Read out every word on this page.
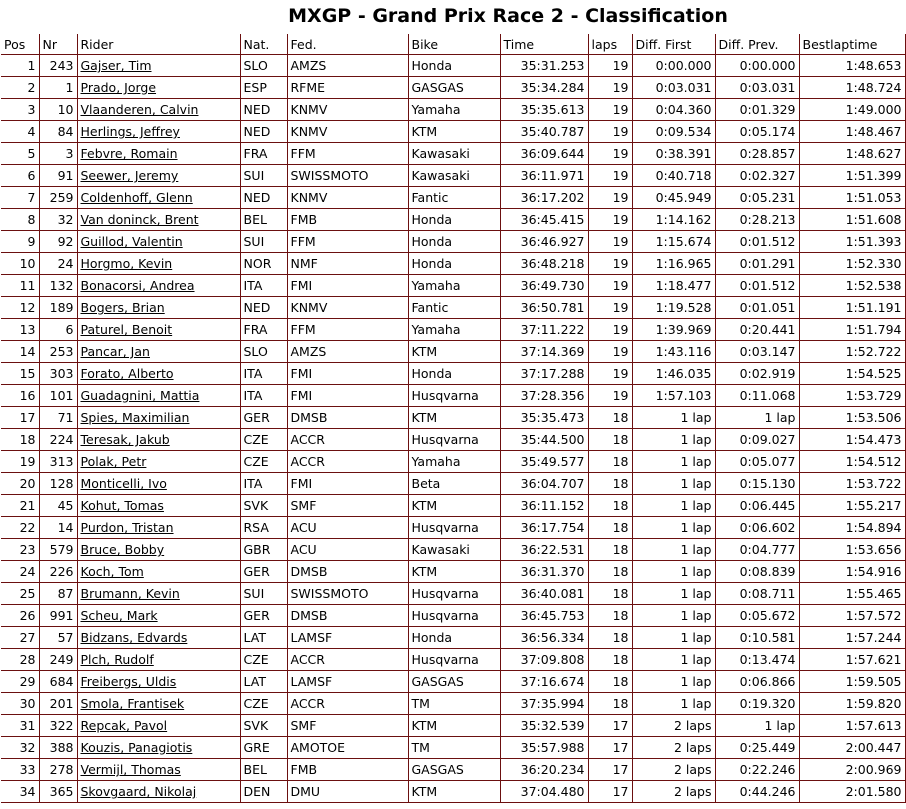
MXGP - Grand Prix Race 2 - Classification
Pos	Nr	Rider	Nat.	Fed.	Bike	Time	laps	Diff. First	Diff. Prev.	Bestlaptime
1	243	Gajser, Tim	SLO	AMZS	Honda	35:31.253	19	0:00.000	0:00.000	1:48.653
2	1	Prado, Jorge	ESP	RFME	GASGAS	35:34.284	19	0:03.031	0:03.031	1:48.724
3	10	Vlaanderen, Calvin	NED	KNMV	Yamaha	35:35.613	19	0:04.360	0:01.329	1:49.000
4	84	Herlings, Jeffrey	NED	KNMV	KTM	35:40.787	19	0:09.534	0:05.174	1:48.467
5	3	Febvre, Romain	FRA	FFM	Kawasaki	36:09.644	19	0:38.391	0:28.857	1:48.627
6	91	Seewer, Jeremy	SUI	SWISSMOTO	Kawasaki	36:11.971	19	0:40.718	0:02.327	1:51.399
7	259	Coldenhoff, Glenn	NED	KNMV	Fantic	36:17.202	19	0:45.949	0:05.231	1:51.053
8	32	Van doninck, Brent	BEL	FMB	Honda	36:45.415	19	1:14.162	0:28.213	1:51.608
9	92	Guillod, Valentin	SUI	FFM	Honda	36:46.927	19	1:15.674	0:01.512	1:51.393
10	24	Horgmo, Kevin	NOR	NMF	Honda	36:48.218	19	1:16.965	0:01.291	1:52.330
11	132	Bonacorsi, Andrea	ITA	FMI	Yamaha	36:49.730	19	1:18.477	0:01.512	1:52.538
12	189	Bogers, Brian	NED	KNMV	Fantic	36:50.781	19	1:19.528	0:01.051	1:51.191
13	6	Paturel, Benoit	FRA	FFM	Yamaha	37:11.222	19	1:39.969	0:20.441	1:51.794
14	253	Pancar, Jan	SLO	AMZS	KTM	37:14.369	19	1:43.116	0:03.147	1:52.722
15	303	Forato, Alberto	ITA	FMI	Honda	37:17.288	19	1:46.035	0:02.919	1:54.525
16	101	Guadagnini, Mattia	ITA	FMI	Husqvarna	37:28.356	19	1:57.103	0:11.068	1:53.729
17	71	Spies, Maximilian	GER	DMSB	KTM	35:35.473	18	1 lap	1 lap	1:53.506
18	224	Teresak, Jakub	CZE	ACCR	Husqvarna	35:44.500	18	1 lap	0:09.027	1:54.473
19	313	Polak, Petr	CZE	ACCR	Yamaha	35:49.577	18	1 lap	0:05.077	1:54.512
20	128	Monticelli, Ivo	ITA	FMI	Beta	36:04.707	18	1 lap	0:15.130	1:53.722
21	45	Kohut, Tomas	SVK	SMF	KTM	36:11.152	18	1 lap	0:06.445	1:55.217
22	14	Purdon, Tristan	RSA	ACU	Husqvarna	36:17.754	18	1 lap	0:06.602	1:54.894
23	579	Bruce, Bobby	GBR	ACU	Kawasaki	36:22.531	18	1 lap	0:04.777	1:53.656
24	226	Koch, Tom	GER	DMSB	KTM	36:31.370	18	1 lap	0:08.839	1:54.916
25	87	Brumann, Kevin	SUI	SWISSMOTO	Husqvarna	36:40.081	18	1 lap	0:08.711	1:55.465
26	991	Scheu, Mark	GER	DMSB	Husqvarna	36:45.753	18	1 lap	0:05.672	1:57.572
27	57	Bidzans, Edvards	LAT	LAMSF	Honda	36:56.334	18	1 lap	0:10.581	1:57.244
28	249	Plch, Rudolf	CZE	ACCR	Husqvarna	37:09.808	18	1 lap	0:13.474	1:57.621
29	684	Freibergs, Uldis	LAT	LAMSF	GASGAS	37:16.674	18	1 lap	0:06.866	1:59.505
30	201	Smola, Frantisek	CZE	ACCR	TM	37:35.994	18	1 lap	0:19.320	1:59.820
31	322	Repcak, Pavol	SVK	SMF	KTM	35:32.539	17	2 laps	1 lap	1:57.613
32	388	Kouzis, Panagiotis	GRE	AMOTOE	TM	35:57.988	17	2 laps	0:25.449	2:00.447
33	278	Vermijl, Thomas	BEL	FMB	GASGAS	36:20.234	17	2 laps	0:22.246	2:00.969
34	365	Skovgaard, Nikolaj	DEN	DMU	KTM	37:04.480	17	2 laps	0:44.246	2:01.580
